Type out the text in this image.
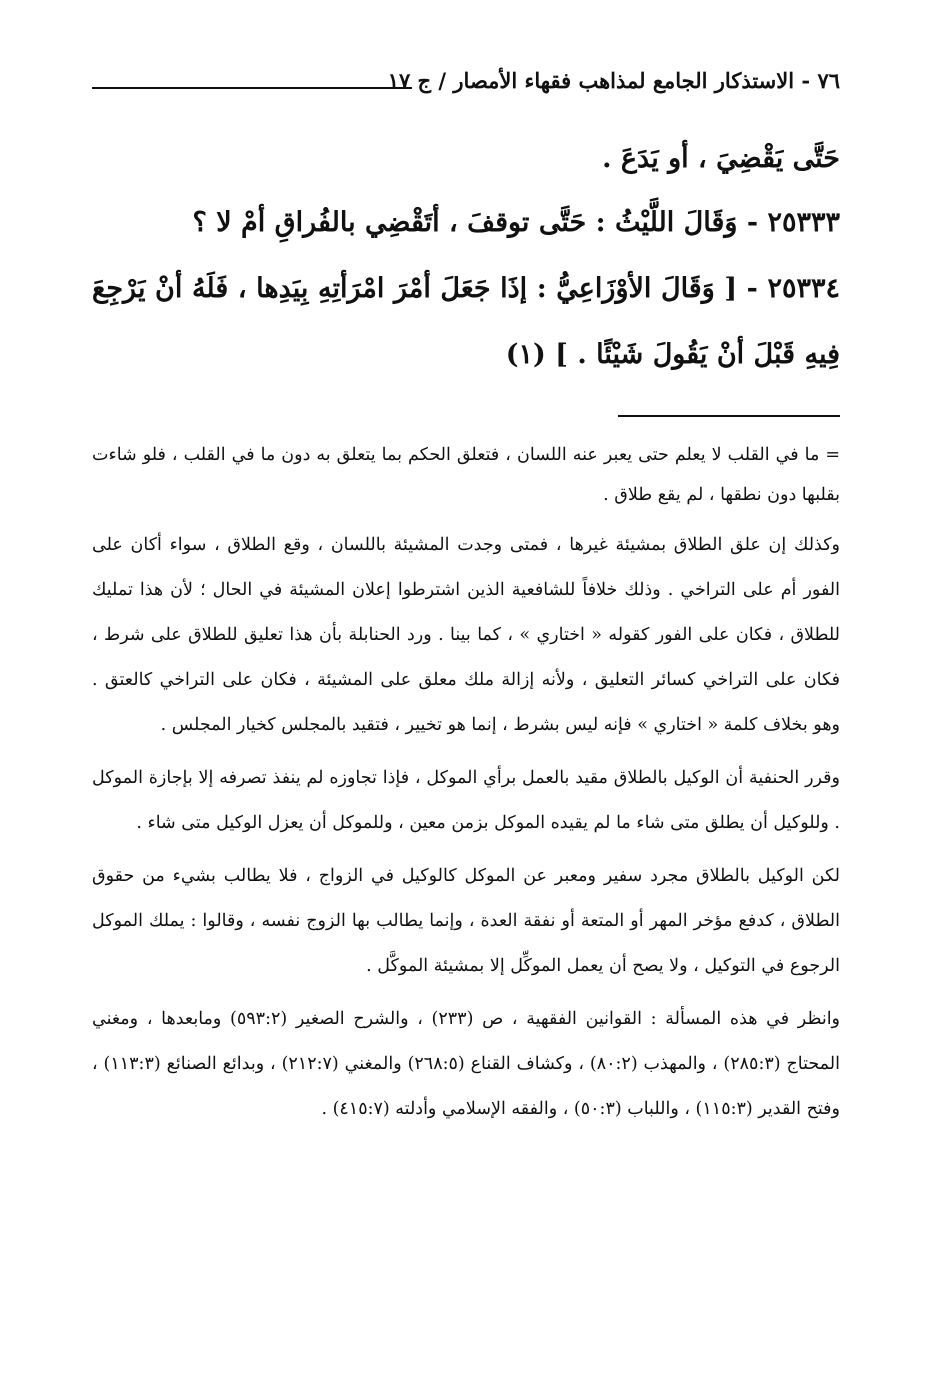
٧٦ - الاستذكار الجامع لمذاهب فقهاء الأمصار / ج ١٧

حَتَّى يَقْضِيَ ، أو يَدَعَ .

٢٥٣٣٣ - وَقَالَ اللَّيْثُ : حَتَّى توقفَ ، أتَقْضِي بالفُراقِ أمْ لا ؟

٢٥٣٣٤ - [ وَقَالَ الأوْزَاعِيُّ : إذَا جَعَلَ أمْرَ امْرَأتِهِ بِيَدِها ، فَلَهُ أنْ يَرْجِعَ فِيهِ قَبْلَ أنْ يَقُولَ شَيْئًا . ] (١)

= ما في القلب لا يعلم حتى يعبر عنه اللسان ، فتعلق الحكم بما يتعلق به دون ما في القلب ، فلو شاءت بقلبها دون نطقها ، لم يقع طلاق .

وكذلك إن علق الطلاق بمشيئة غيرها ، فمتى وجدت المشيئة باللسان ، وقع الطلاق ، سواء أكان على الفور أم على التراخي . وذلك خلافاً للشافعية الذين اشترطوا إعلان المشيئة في الحال ؛ لأن هذا تمليك للطلاق ، فكان على الفور كقوله « اختاري » ، كما بينا . ورد الحنابلة بأن هذا تعليق للطلاق على شرط ، فكان على التراخي كسائر التعليق ، ولأنه إزالة ملك معلق على المشيئة ، فكان على التراخي كالعتق . وهو بخلاف كلمة « اختاري » فإنه ليس بشرط ، إنما هو تخيير ، فتقيد بالمجلس كخيار المجلس .

وقرر الحنفية أن الوكيل بالطلاق مقيد بالعمل برأي الموكل ، فإذا تجاوزه لم ينفذ تصرفه إلا بإجازة الموكل . وللوكيل أن يطلق متى شاء ما لم يقيده الموكل بزمن معين ، وللموكل أن يعزل الوكيل متى شاء .

لكن الوكيل بالطلاق مجرد سفير ومعبر عن الموكل كالوكيل في الزواج ، فلا يطالب بشيء من حقوق الطلاق ، كدفع مؤخر المهر أو المتعة أو نفقة العدة ، وإنما يطالب بها الزوج نفسه ، وقالوا : يملك الموكل الرجوع في التوكيل ، ولا يصح أن يعمل الموكِّل إلا بمشيئة الموكَّل .

وانظر في هذه المسألة : القوانين الفقهية ، ص (٢٣٣) ، والشرح الصغير (٥٩٣:٢) ومابعدها ، ومغني المحتاج (٢٨٥:٣) ، والمهذب (٨٠:٢) ، وكشاف القناع (٢٦٨:٥) والمغني (٢١٢:٧) ، وبدائع الصنائع (١١٣:٣) ، وفتح القدير (١١٥:٣) ، واللباب (٥٠:٣) ، والفقه الإسلامي وأدلته (٤١٥:٧) .
